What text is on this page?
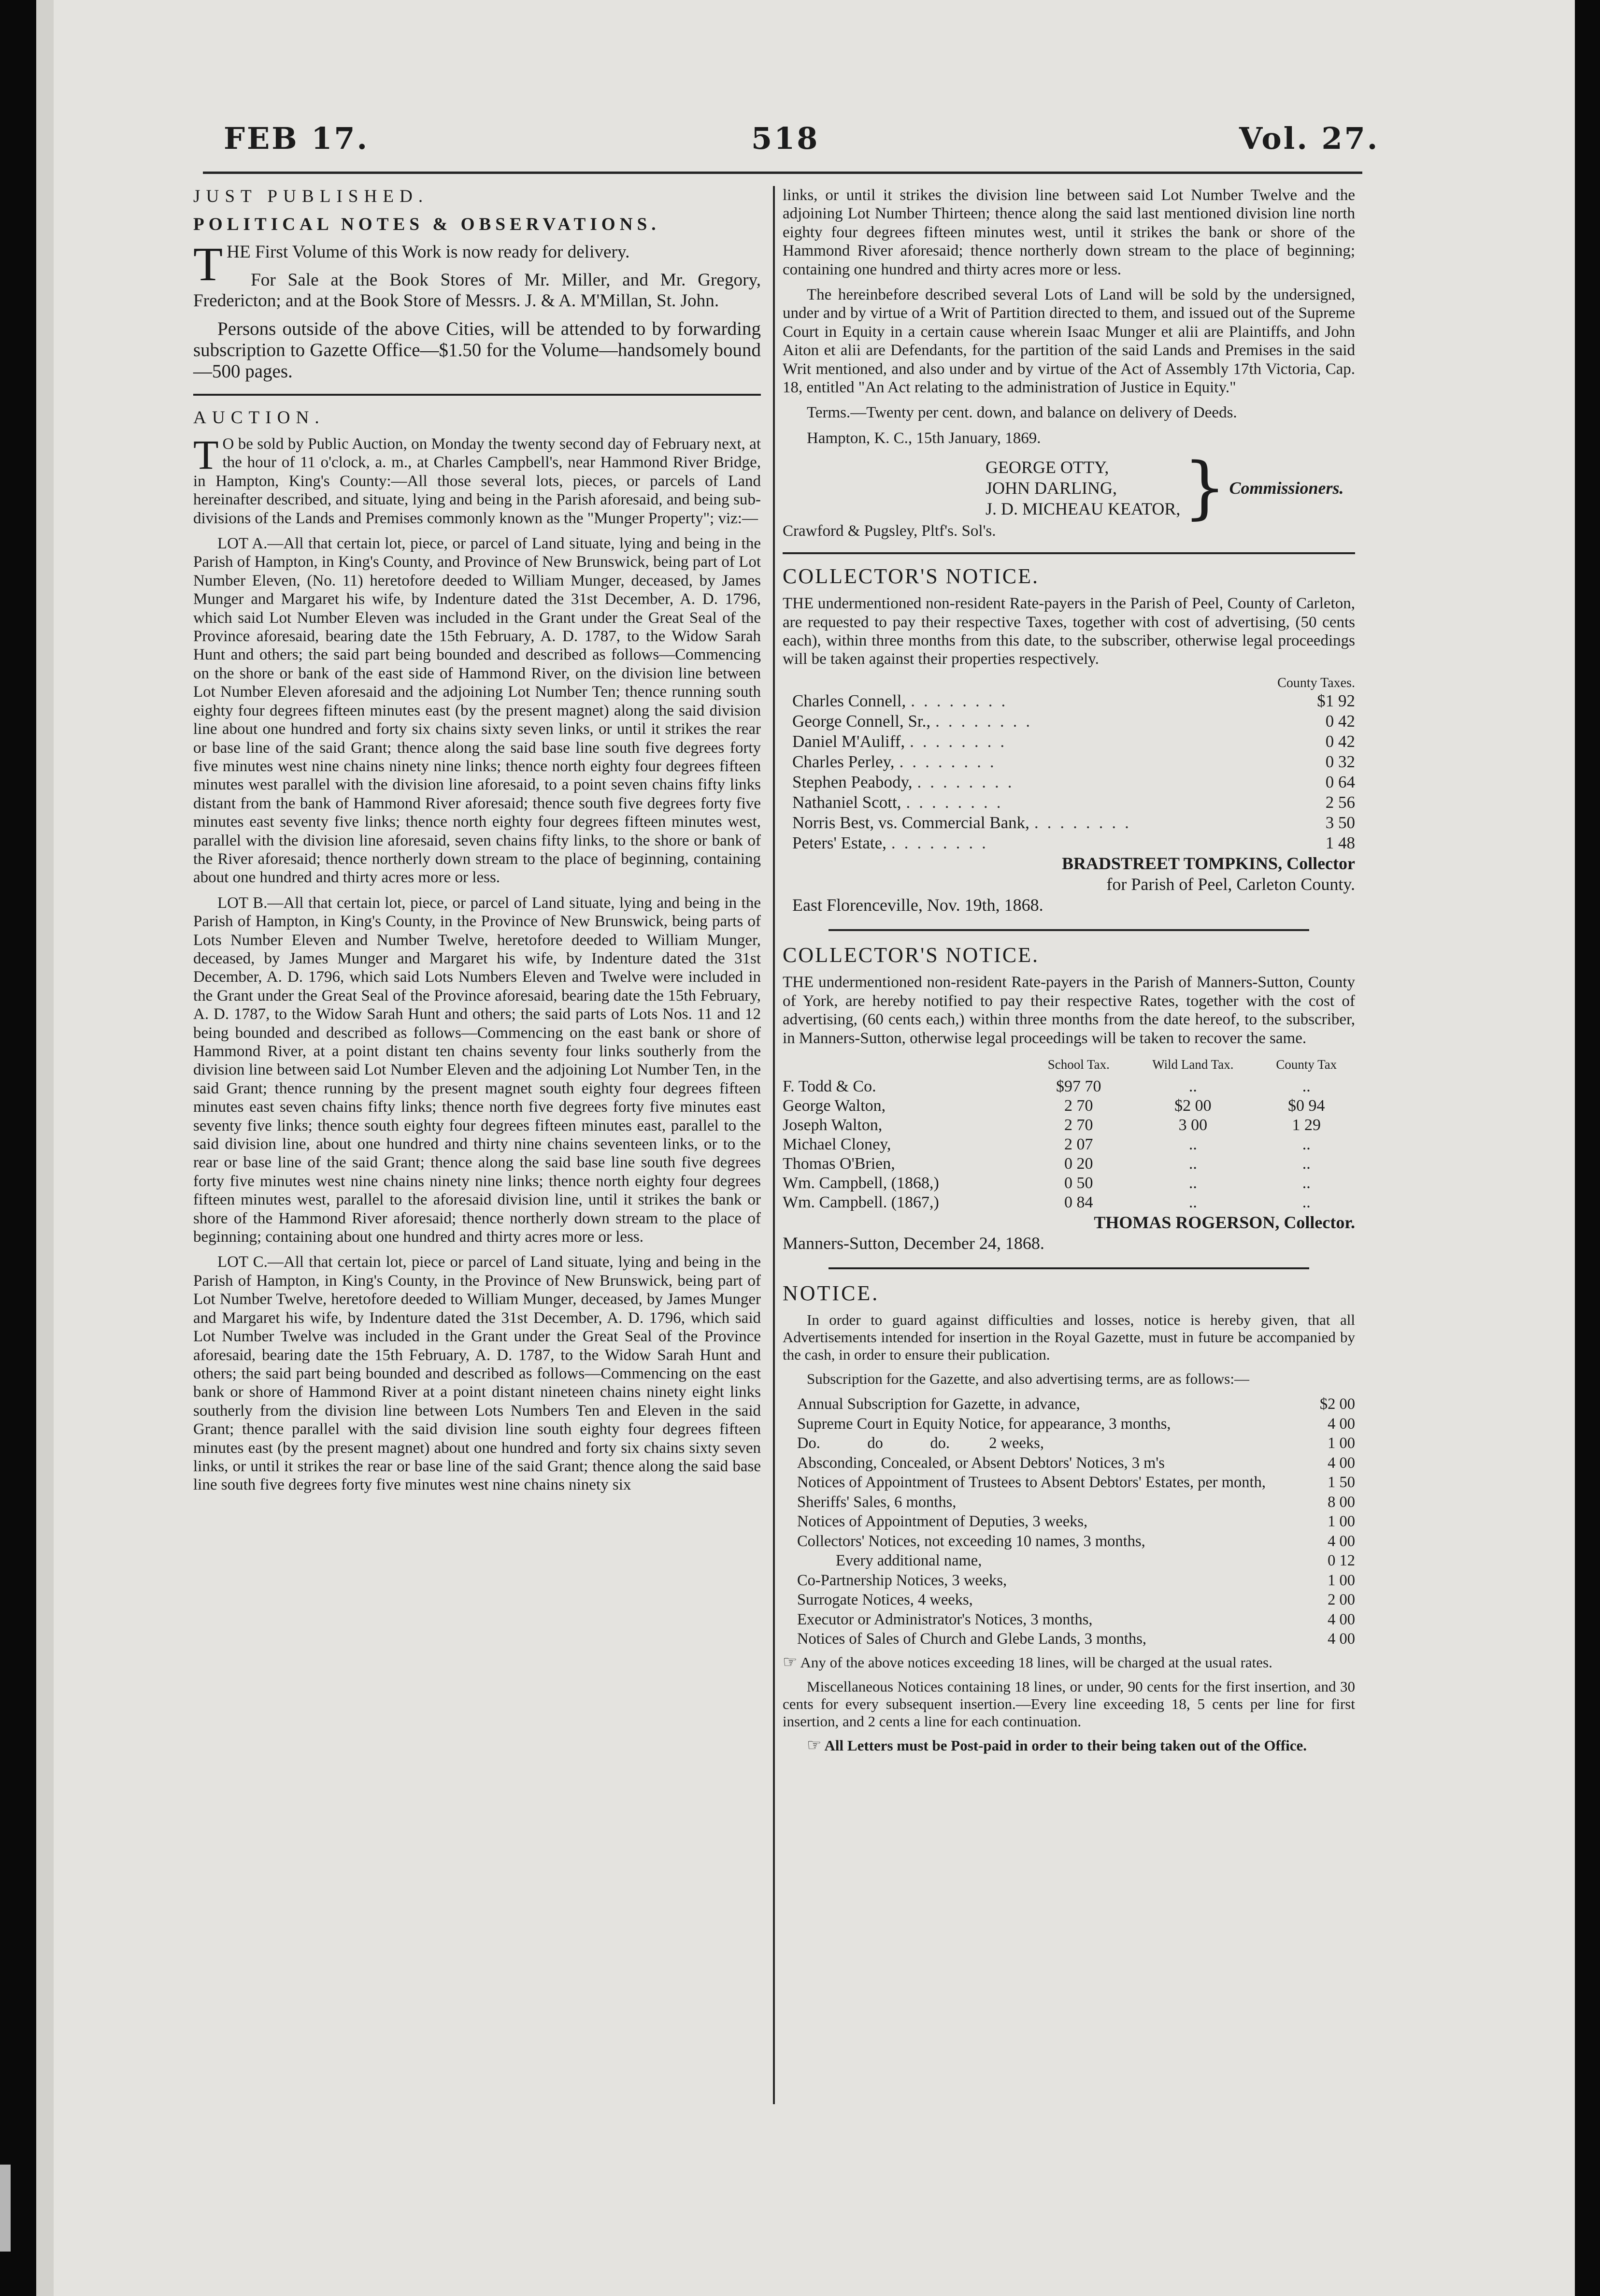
FEB 17.	518	Vol. 27.

JUST PUBLISHED.

POLITICAL NOTES & OBSERVATIONS.

T HE First Volume of this Work is now ready for delivery.

For Sale at the Book Stores of Mr. Miller, and Mr. Gregory, Fredericton; and at the Book Store of Messrs. J. & A. M'Millan, St. John.

Persons outside of the above Cities, will be attended to by forwarding subscription to Gazette Office—$1.50 for the Volume—handsomely bound—500 pages.

AUCTION.

T O be sold by Public Auction, on Monday the twenty second day of February next, at the hour of 11 o'clock, a. m., at Charles Campbell's, near Hammond River Bridge, in Hampton, King's County:—All those several lots, pieces, or parcels of Land hereinafter described, and situate, lying and being in the Parish aforesaid, and being sub-divisions of the Lands and Premises commonly known as the "Munger Property"; viz:—

LOT A.—All that certain lot, piece, or parcel of Land situate, lying and being in the Parish of Hampton, in King's County, and Province of New Brunswick, being part of Lot Number Eleven, (No. 11) heretofore deeded to William Munger, deceased, by James Munger and Margaret his wife, by Indenture dated the 31st December, A. D. 1796, which said Lot Number Eleven was included in the Grant under the Great Seal of the Province aforesaid, bearing date the 15th February, A. D. 1787, to the Widow Sarah Hunt and others; the said part being bounded and described as follows—Commencing on the shore or bank of the east side of Hammond River, on the division line between Lot Number Eleven aforesaid and the adjoining Lot Number Ten; thence running south eighty four degrees fifteen minutes east (by the present magnet) along the said division line about one hundred and forty six chains sixty seven links, or until it strikes the rear or base line of the said Grant; thence along the said base line south five degrees forty five minutes west nine chains ninety nine links; thence north eighty four degrees fifteen minutes west parallel with the division line aforesaid, to a point seven chains fifty links distant from the bank of Hammond River aforesaid; thence south five degrees forty five minutes east seventy five links; thence north eighty four degrees fifteen minutes west, parallel with the division line aforesaid, seven chains fifty links, to the shore or bank of the River aforesaid; thence northerly down stream to the place of beginning, containing about one hundred and thirty acres more or less.

LOT B.—All that certain lot, piece, or parcel of Land situate, lying and being in the Parish of Hampton, in King's County, in the Province of New Brunswick, being parts of Lots Number Eleven and Number Twelve, heretofore deeded to William Munger, deceased, by James Munger and Margaret his wife, by Indenture dated the 31st December, A. D. 1796, which said Lots Numbers Eleven and Twelve were included in the Grant under the Great Seal of the Province aforesaid, bearing date the 15th February, A. D. 1787, to the Widow Sarah Hunt and others; the said parts of Lots Nos. 11 and 12 being bounded and described as follows—Commencing on the east bank or shore of Hammond River, at a point distant ten chains seventy four links southerly from the division line between said Lot Number Eleven and the adjoining Lot Number Ten, in the said Grant; thence running by the present magnet south eighty four degrees fifteen minutes east seven chains fifty links; thence north five degrees forty five minutes east seventy five links; thence south eighty four degrees fifteen minutes east, parallel to the said division line, about one hundred and thirty nine chains seventeen links, or to the rear or base line of the said Grant; thence along the said base line south five degrees forty five minutes west nine chains ninety nine links; thence north eighty four degrees fifteen minutes west, parallel to the aforesaid division line, until it strikes the bank or shore of the Hammond River aforesaid; thence northerly down stream to the place of beginning; containing about one hundred and thirty acres more or less.

LOT C.—All that certain lot, piece or parcel of Land situate, lying and being in the Parish of Hampton, in King's County, in the Province of New Brunswick, being part of Lot Number Twelve, heretofore deeded to William Munger, deceased, by James Munger and Margaret his wife, by Indenture dated the 31st December, A. D. 1796, which said Lot Number Twelve was included in the Grant under the Great Seal of the Province aforesaid, bearing date the 15th February, A. D. 1787, to the Widow Sarah Hunt and others; the said part being bounded and described as follows—Commencing on the east bank or shore of Hammond River at a point distant nineteen chains ninety eight links southerly from the division line between Lots Numbers Ten and Eleven in the said Grant; thence parallel with the said division line south eighty four degrees fifteen minutes east (by the present magnet) about one hundred and forty six chains sixty seven links, or until it strikes the rear or base line of the said Grant; thence along the said base line south five degrees forty five minutes west nine chains ninety six

links, or until it strikes the division line between said Lot Number Twelve and the adjoining Lot Number Thirteen; thence along the said last mentioned division line north eighty four degrees fifteen minutes west, until it strikes the bank or shore of the Hammond River aforesaid; thence northerly down stream to the place of beginning; containing one hundred and thirty acres more or less.

The hereinbefore described several Lots of Land will be sold by the undersigned, under and by virtue of a Writ of Partition directed to them, and issued out of the Supreme Court in Equity in a certain cause wherein Isaac Munger et alii are Plaintiffs, and John Aiton et alii are Defendants, for the partition of the said Lands and Premises in the said Writ mentioned, and also under and by virtue of the Act of Assembly 17th Victoria, Cap. 18, entitled "An Act relating to the administration of Justice in Equity."

Terms.—Twenty per cent. down, and balance on delivery of Deeds.

Hampton, K. C., 15th January, 1869.

GEORGE OTTY,
JOHN DARLING,
J. D. MICHEAU KEATOR, } Commissioners.

Crawford & Pugsley, Pltf's. Sol's.

COLLECTOR'S NOTICE.

THE undermentioned non-resident Rate-payers in the Parish of Peel, County of Carleton, are requested to pay their respective Taxes, together with cost of advertising, (50 cents each), within three months from this date, to the subscriber, otherwise legal proceedings will be taken against their properties respectively.

County Taxes.
Charles Connell, ........	$1 92
George Connell, Sr., ........	0 42
Daniel M'Auliff, ........	0 42
Charles Perley, ........	0 32
Stephen Peabody, ........	0 64
Nathaniel Scott, ........	2 56
Norris Best, vs. Commercial Bank, ........	3 50
Peters' Estate, ........	1 48
BRADSTREET TOMPKINS, Collector
for Parish of Peel, Carleton County.
East Florenceville, Nov. 19th, 1868.

COLLECTOR'S NOTICE.

THE undermentioned non-resident Rate-payers in the Parish of Manners-Sutton, County of York, are hereby notified to pay their respective Rates, together with the cost of advertising, (60 cents each,) within three months from the date hereof, to the subscriber, in Manners-Sutton, otherwise legal proceedings will be taken to recover the same.

	School Tax.	Wild Land Tax.	County Tax
F. Todd & Co.	$97 70	..	..
George Walton,	2 70	$2 00	$0 94
Joseph Walton,	2 70	3 00	1 29
Michael Cloney,	2 07	..	..
Thomas O'Brien,	0 20	..	..
Wm. Campbell, (1868,)	0 50	..	..
Wm. Campbell. (1867,)	0 84	..	..
THOMAS ROGERSON, Collector.
Manners-Sutton, December 24, 1868.

NOTICE.

In order to guard against difficulties and losses, notice is hereby given, that all Advertisements intended for insertion in the Royal Gazette, must in future be accompanied by the cash, in order to ensure their publication.

Subscription for the Gazette, and also advertising terms, are as follows:—

Annual Subscription for Gazette, in advance,	$2 00
Supreme Court in Equity Notice, for appearance, 3 months,	4 00
Do.            do            do.          2 weeks,	1 00
Absconding, Concealed, or Absent Debtors' Notices, 3 m's	4 00
Notices of Appointment of Trustees to Absent Debtors' Estates, per month,	1 50
Sheriffs' Sales, 6 months,	8 00
Notices of Appointment of Deputies, 3 weeks,	1 00
Collectors' Notices, not exceeding 10 names, 3 months,	4 00
Every additional name,	0 12
Co-Partnership Notices, 3 weeks,	1 00
Surrogate Notices, 4 weeks,	2 00
Executor or Administrator's Notices, 3 months,	4 00
Notices of Sales of Church and Glebe Lands, 3 months,	4 00

☞ Any of the above notices exceeding 18 lines, will be charged at the usual rates.

Miscellaneous Notices containing 18 lines, or under, 90 cents for the first insertion, and 30 cents for every subsequent insertion.—Every line exceeding 18, 5 cents per line for first insertion, and 2 cents a line for each continuation.

☞ All Letters must be Post-paid in order to their being taken out of the Office.
